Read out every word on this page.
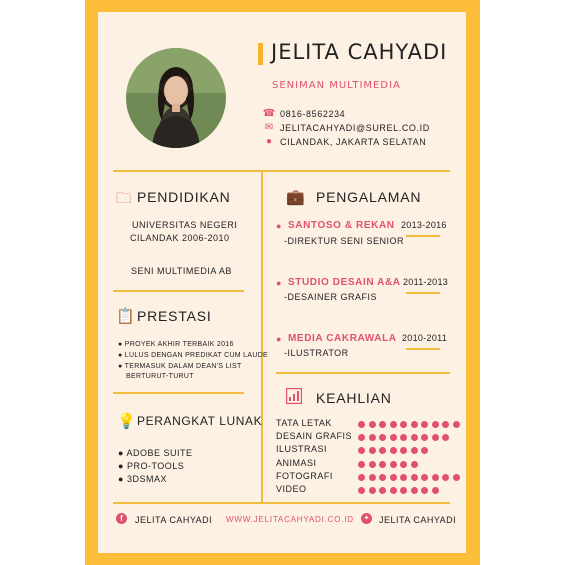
JELITA CAHYADI
SENIMAN MULTIMEDIA
☎ 0816-8562234
✉ JELITACAHYADI@SUREL.CO.ID
● CILANDAK, JAKARTA SELATAN
🗀 PENDIDIKAN
UNIVERSITAS NEGERI
CILANDAK 2006-2010
SENI MULTIMEDIA AB
📋 PRESTASI
● PROYEK AKHIR TERBAIK 2016
● LULUS DENGAN PREDIKAT CUM LAUDE
● TERMASUK DALAM DEAN'S LIST
BERTURUT-TURUT
💡 PERANGKAT LUNAK
● ADOBE SUITE
● PRO-TOOLS
● 3DSMAX
💼 PENGALAMAN
● SANTOSO & REKAN 2013-2016
-DIREKTUR SENI SENIOR
● STUDIO DESAIN A&A 2011-2013
-DESAINER GRAFIS
● MEDIA CAKRAWALA 2010-2011
-ILUSTRATOR
KEAHLIAN
TATA LETAK
DESAIN GRAFIS
ILUSTRASI
ANIMASI
FOTOGRAFI
VIDEO
f	JELITA CAHYADI WWW.JELITACAHYADI.CO.ID	✦ JELITA CAHYADI
